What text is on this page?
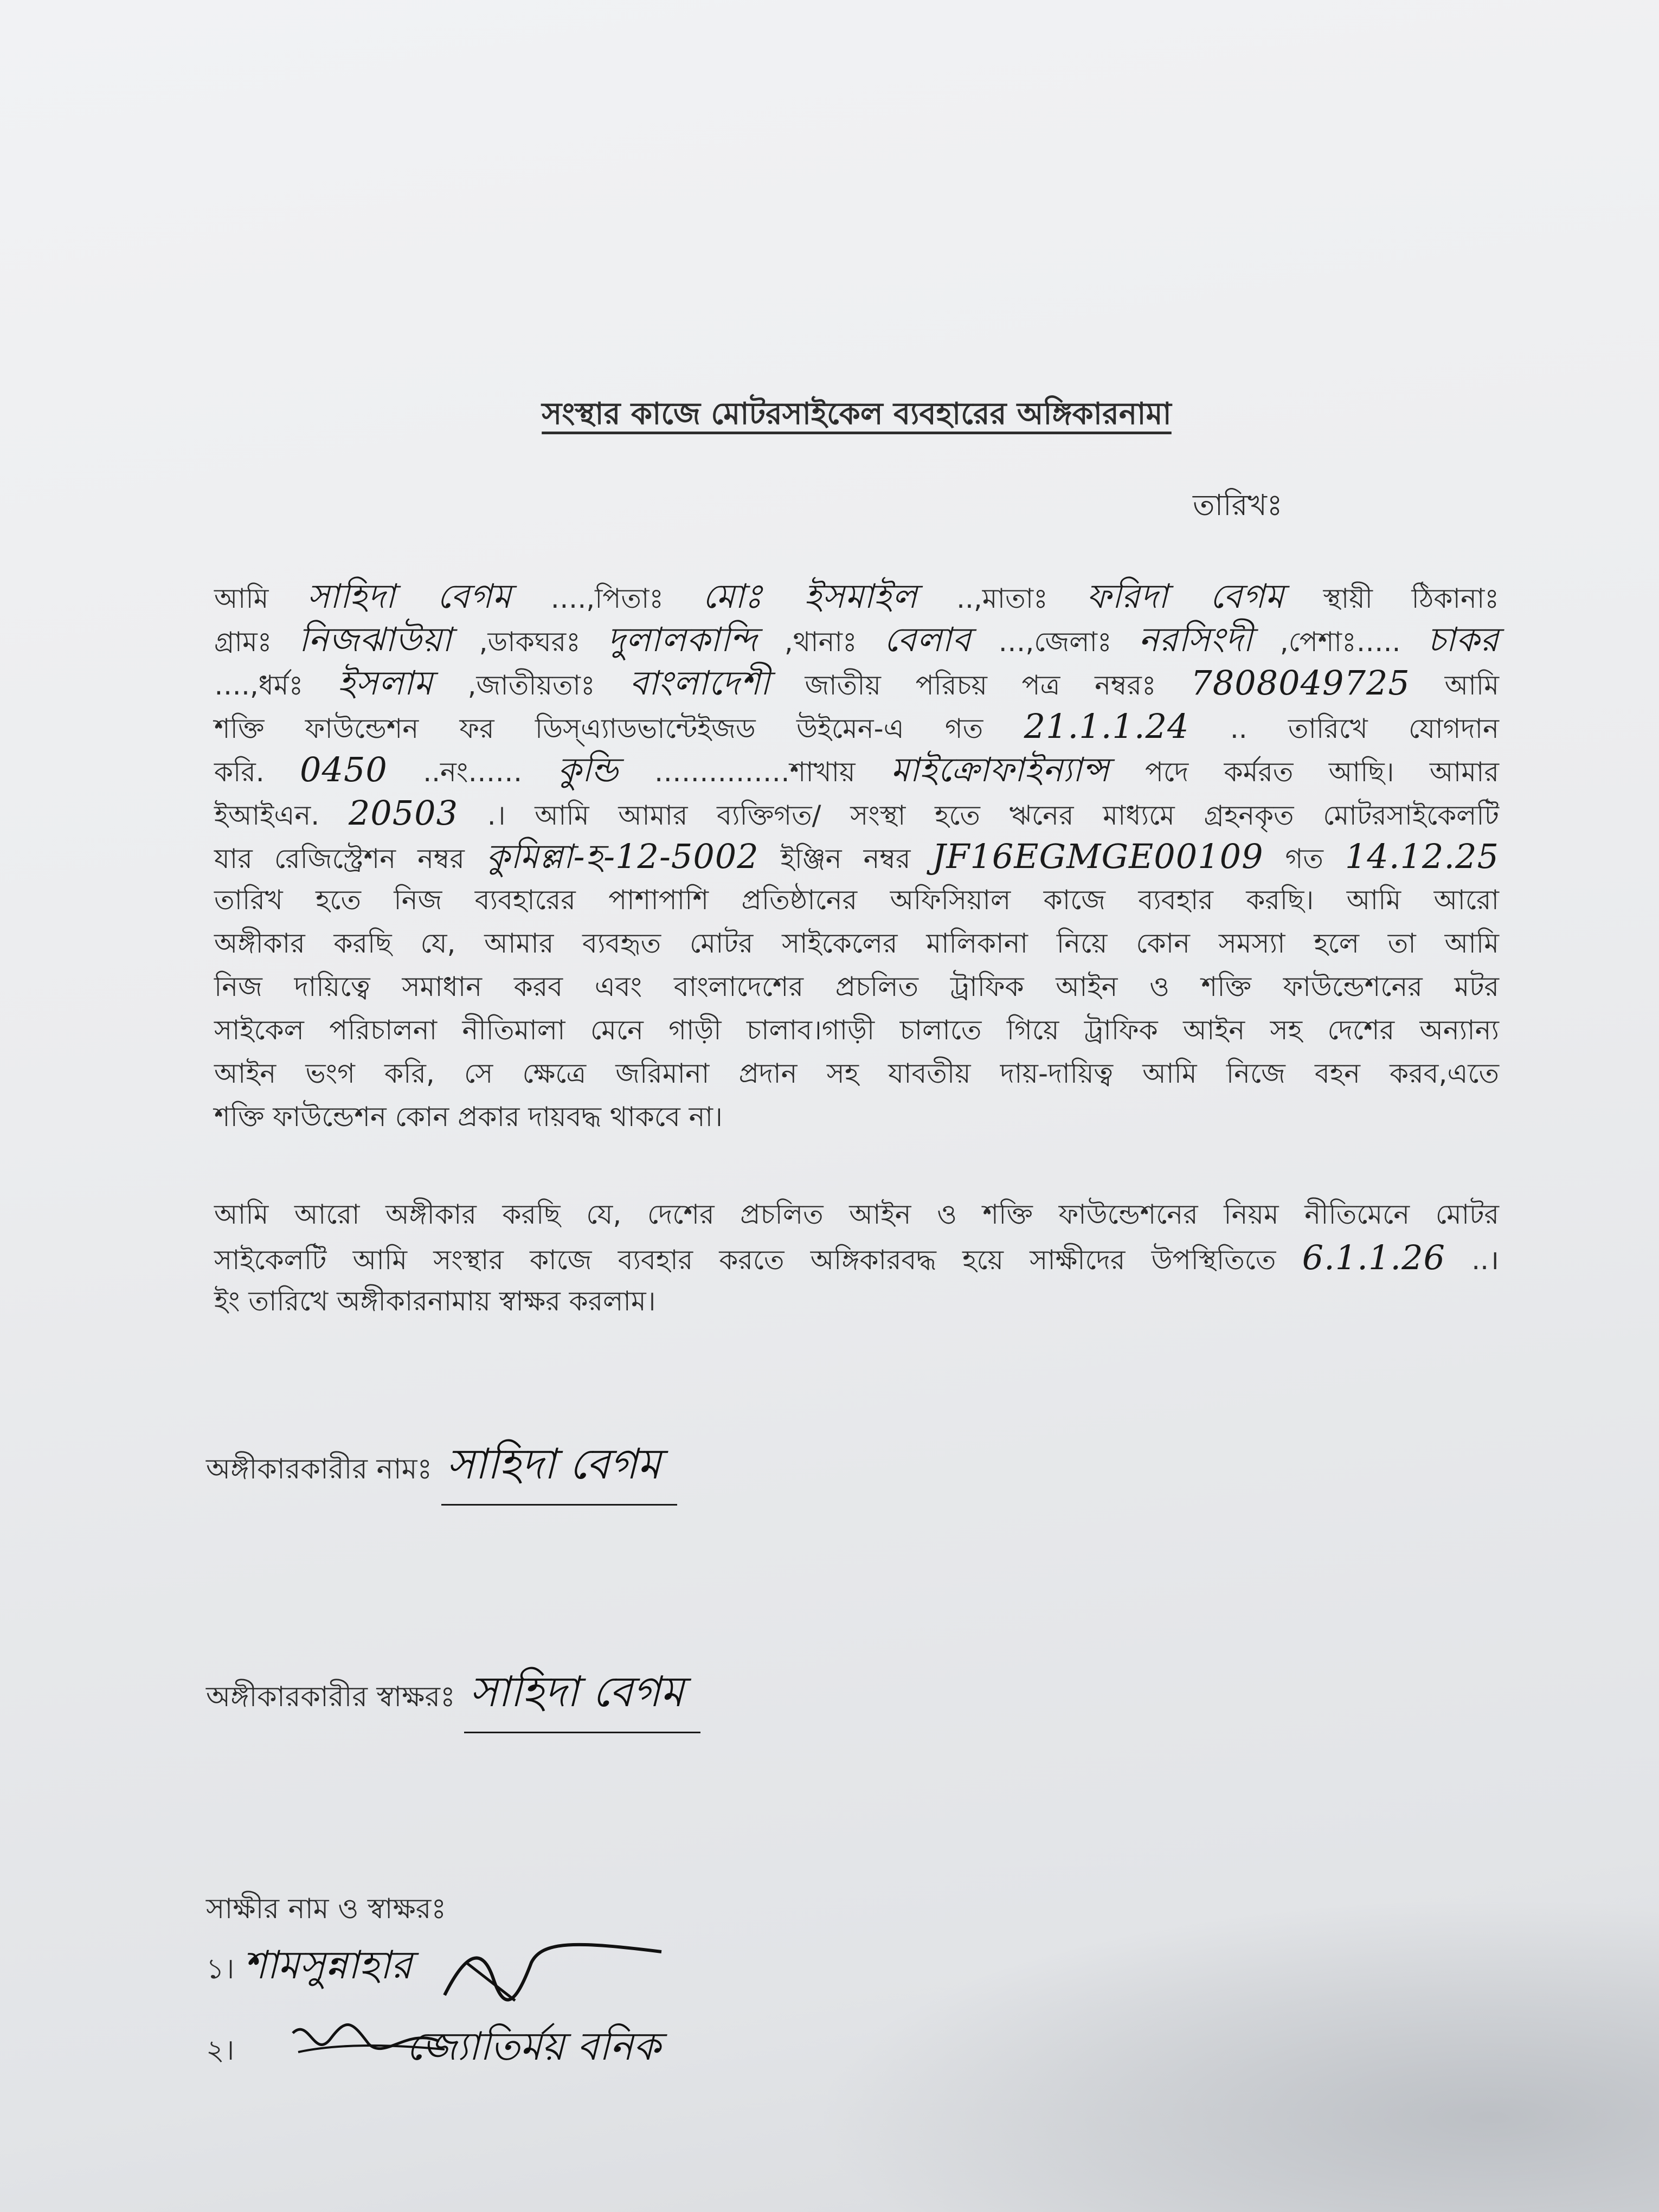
সংস্থার কাজে মোটরসাইকেল ব্যবহারের অঙ্গিকারনামা
তারিখঃ
আমি সাহিদা বেগম ….,পিতাঃ মোঃ ইসমাইল ..,মাতাঃ ফরিদা বেগম স্থায়ী ঠিকানাঃ
গ্রামঃ নিজঝাউয়া ,ডাকঘরঃ দুলালকান্দি ,থানাঃ বেলাব …,জেলাঃ নরসিংদী ,পেশাঃ….. চাকর
….,ধর্মঃ ইসলাম ,জাতীয়তাঃ বাংলাদেশী জাতীয় পরিচয় পত্র নম্বরঃ 7808049725 আমি
শক্তি ফাউন্ডেশন ফর ডিস্‌এ্যাডভান্টেইজড উইমেন-এ গত 21.1.1.24 .. তারিখে যোগদান
করি. 0450 ..নং…… কুন্ডি ……………শাখায় মাইক্রোফাইন্যান্স পদে কর্মরত আছি। আমার
ইআইএন. 20503 .। আমি আমার ব্যক্তিগত/ সংস্থা হতে ঋনের মাধ্যমে গ্রহনকৃত মোটরসাইকেলটি
যার রেজিস্ট্রেশন নম্বর কুমিল্লা-হ-12-5002 ইঞ্জিন নম্বর JF16EGMGE00109 গত 14.12.25
তারিখ হতে নিজ ব্যবহারের পাশাপাশি প্রতিষ্ঠানের অফিসিয়াল কাজে ব্যবহার করছি। আমি আরো
অঙ্গীকার করছি যে, আমার ব্যবহৃত মোটর সাইকেলের মালিকানা নিয়ে কোন সমস্যা হলে তা আমি
নিজ দায়িত্বে সমাধান করব এবং বাংলাদেশের প্রচলিত ট্রাফিক আইন ও শক্তি ফাউন্ডেশনের মটর
সাইকেল পরিচালনা নীতিমালা মেনে গাড়ী চালাব।গাড়ী চালাতে গিয়ে ট্রাফিক আইন সহ দেশের অন্যান্য
আইন ভংগ করি, সে ক্ষেত্রে জরিমানা প্রদান সহ যাবতীয় দায়-দায়িত্ব আমি নিজে বহন করব,এতে
শক্তি ফাউন্ডেশন কোন প্রকার দায়বদ্ধ থাকবে না।
আমি আরো অঙ্গীকার করছি যে, দেশের প্রচলিত আইন ও শক্তি ফাউন্ডেশনের নিয়ম নীতিমেনে মোটর
সাইকেলটি আমি সংস্থার কাজে ব্যবহার করতে অঙ্গিকারবদ্ধ হয়ে সাক্ষীদের উপস্থিতিতে 6.1.1.26 ..।
ইং তারিখে অঙ্গীকারনামায় স্বাক্ষর করলাম।
অঙ্গীকারকারীর নামঃ সাহিদা বেগম
অঙ্গীকারকারীর স্বাক্ষরঃ সাহিদা বেগম
সাক্ষীর নাম ও স্বাক্ষরঃ
১। শামসুন্নাহার
২।	জ্যোতির্ময় বনিক
